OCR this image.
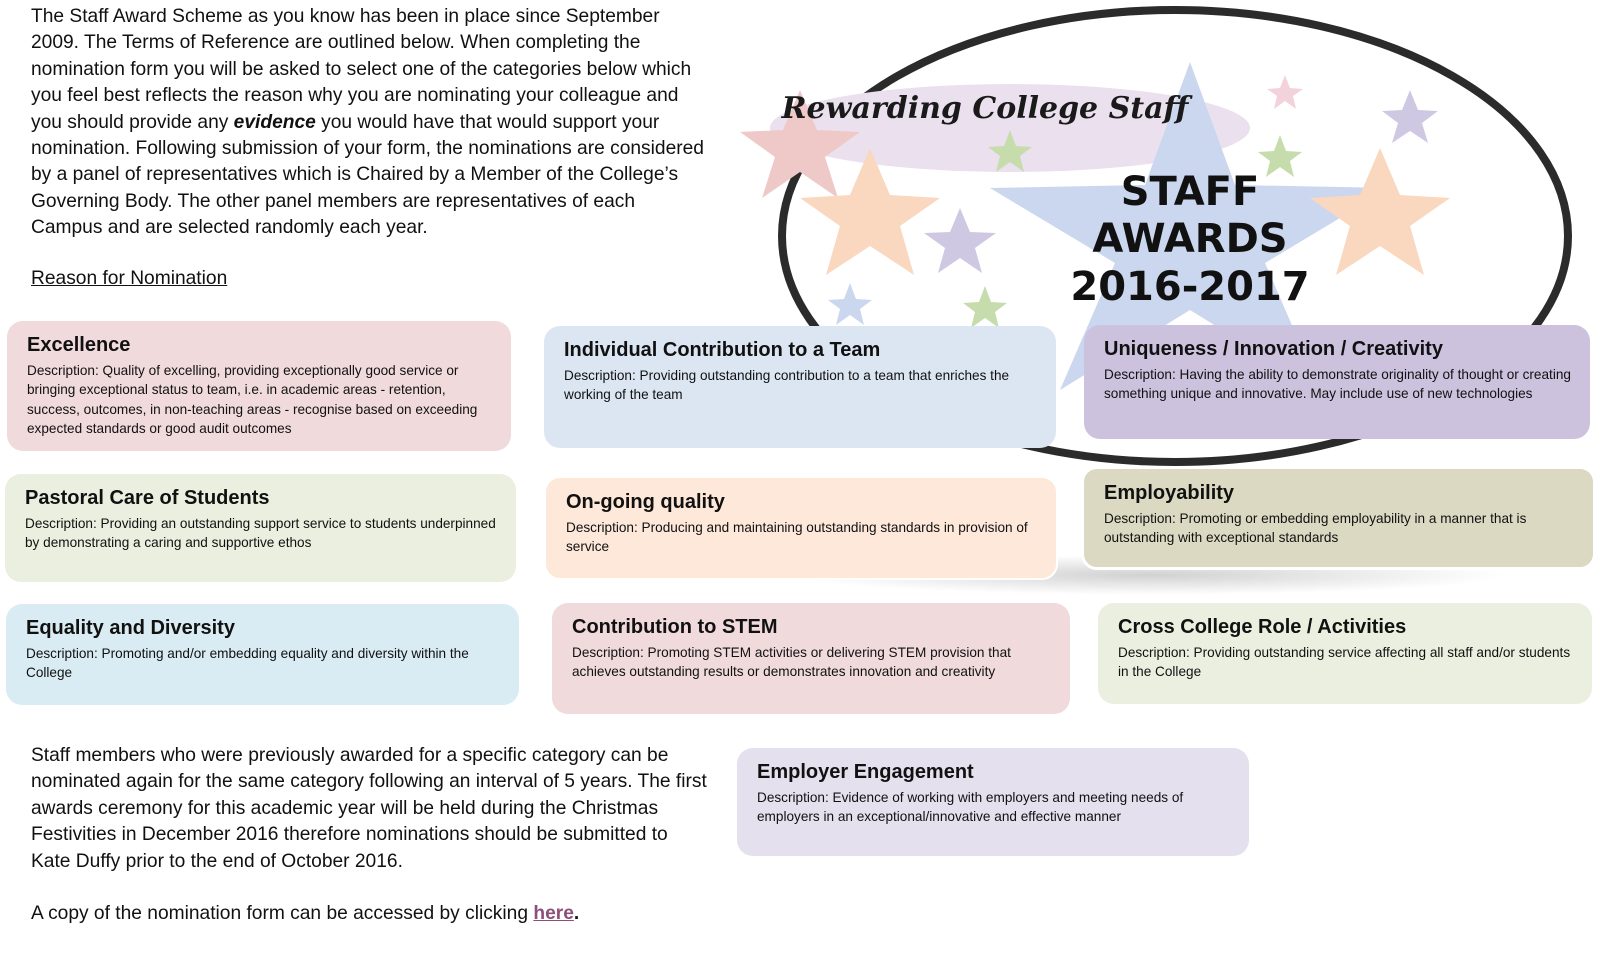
The Staff Award Scheme as you know has been in place since September 2009. The Terms of Reference are outlined below. When completing the nomination form you will be asked to select one of the categories below which you feel best reflects the reason why you are nominating your colleague and you should provide any evidence you would have that would support your nomination. Following submission of your form, the nominations are considered by a panel of representatives which is Chaired by a Member of the College’s Governing Body. The other panel members are representatives of each Campus and are selected randomly each year.

Reason for Nomination
Rewarding College Staff
STAFF
AWARDS
2016-2017
Excellence

Description: Quality of excelling, providing exceptionally good service or bringing exceptional status to team, i.e. in academic areas - retention, success, outcomes, in non-teaching areas - recognise based on exceeding expected standards or good audit outcomes

Individual Contribution to a Team

Description: Providing outstanding contribution to a team that enriches the working of the team

Uniqueness / Innovation / Creativity

Description: Having the ability to demonstrate originality of thought or creating something unique and innovative. May include use of new technologies

Pastoral Care of Students

Description: Providing an outstanding support service to students underpinned by demonstrating a caring and supportive ethos

On-going quality

Description: Producing and maintaining outstanding standards in provision of service

Employability

Description: Promoting or embedding employability in a manner that is outstanding with exceptional standards

Equality and Diversity

Description: Promoting and/or embedding equality and diversity within the College

Contribution to STEM

Description: Promoting STEM activities or delivering STEM provision that achieves outstanding results or demonstrates innovation and creativity

Cross College Role / Activities

Description: Providing outstanding service affecting all staff and/or students in the College

Employer Engagement

Description: Evidence of working with employers and meeting needs of employers in an exceptional/innovative and effective manner

Staff members who were previously awarded for a specific category can be nominated again for the same category following an interval of 5 years. The first awards ceremony for this academic year will be held during the Christmas Festivities in December 2016 therefore nominations should be submitted to Kate Duffy prior to the end of October 2016.

A copy of the nomination form can be accessed by clicking here.
